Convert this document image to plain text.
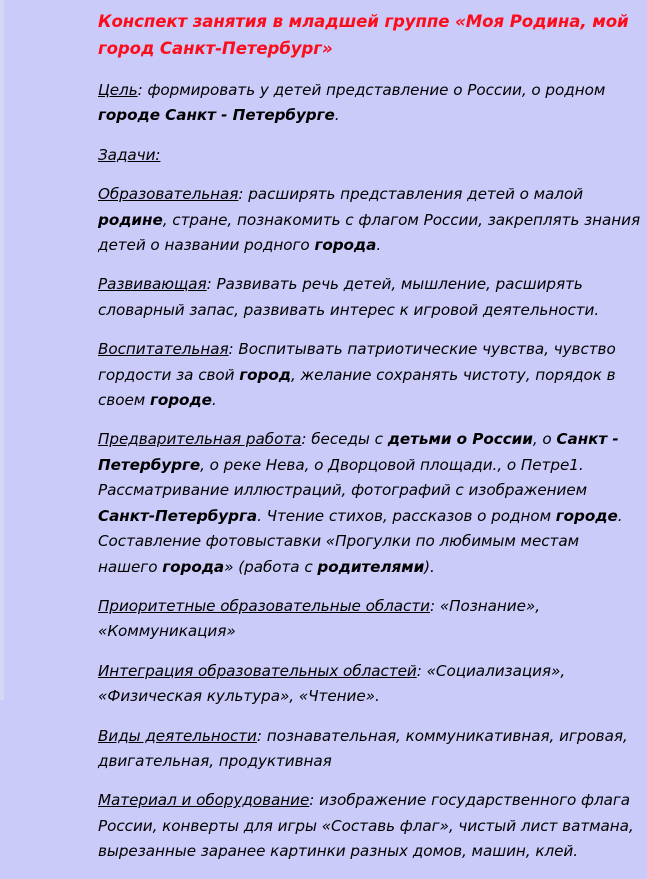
Конспект занятия в младшей группе «Моя Родина, мой город Санкт-Петербург»

Цель: формировать у детей представление о России, о родном городе Санкт - Петербурге.

Задачи:

Образовательная: расширять представления детей о малой родине, стране, познакомить с флагом России, закреплять знания детей о названии родного города.

Развивающая: Развивать речь детей, мышление, расширять словарный запас, развивать интерес к игровой деятельности.

Воспитательная: Воспитывать патриотические чувства, чувство гордости за свой город, желание сохранять чистоту, порядок в своем городе.

Предварительная работа: беседы с детьми о России, о Санкт - Петербурге, о реке Нева, о Дворцовой площади., о Петре1. Рассматривание иллюстраций, фотографий с изображением Санкт-Петербурга. Чтение стихов, рассказов о родном городе. Составление фотовыставки «Прогулки по любимым местам нашего города» (работа с родителями).

Приоритетные образовательные области: «Познание», «Коммуникация»

Интеграция образовательных областей: «Социализация», «Физическая культура», «Чтение».

Виды деятельности: познавательная, коммуникативная, игровая, двигательная, продуктивная

Материал и оборудование: изображение государственного флага России, конверты для игры «Составь флаг», чистый лист ватмана, вырезанные заранее картинки разных домов, машин, клей.
